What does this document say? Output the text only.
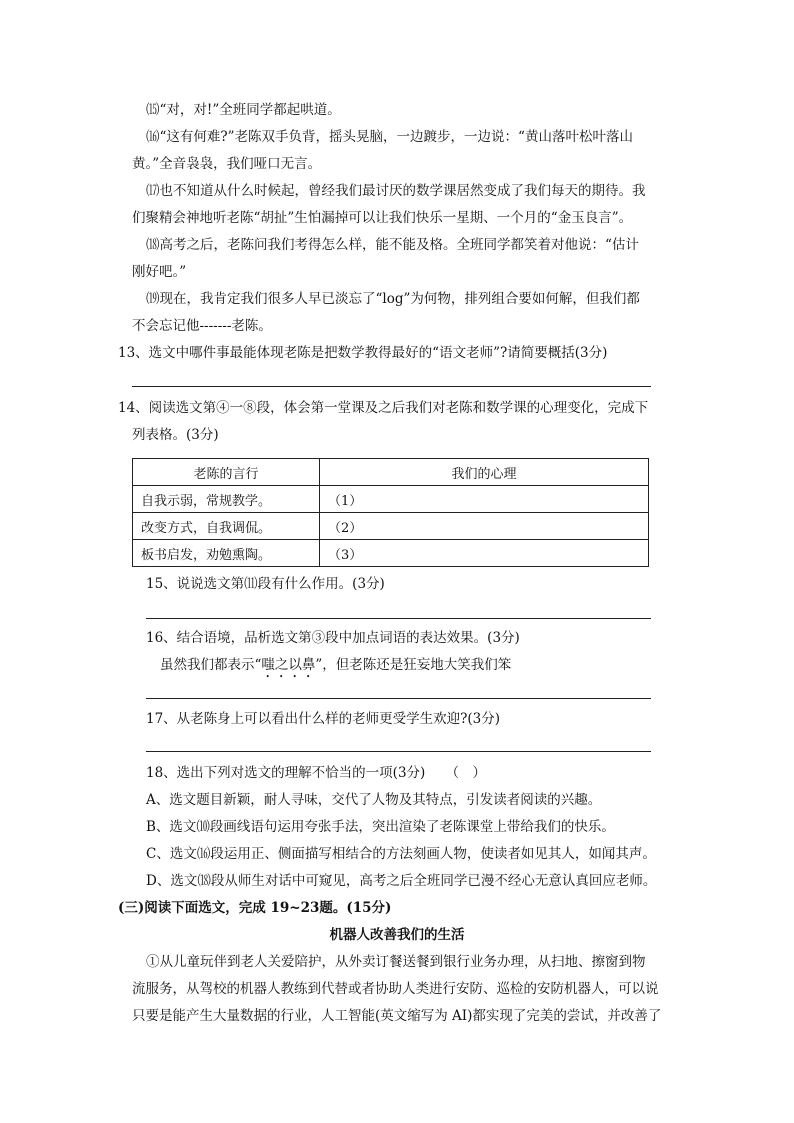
⒂“对，对!”全班同学都起哄道。
⒃“这有何难?”老陈双手负背，摇头晃脑，一边踱步，一边说：“黄山落叶松叶落山
黄。”全音袅袅，我们哑口无言。
⒄也不知道从什么时候起，曾经我们最讨厌的数学课居然变成了我们每天的期待。我
们聚精会神地听老陈“胡扯”生怕漏掉可以让我们快乐一星期、一个月的“金玉良言”。
⒅高考之后，老陈问我们考得怎么样，能不能及格。全班同学都笑着对他说：“估计
刚好吧。”
⒆现在，我肯定我们很多人早已淡忘了“log”为何物，排列组合要如何解，但我们都
不会忘记他-------老陈。
13、选文中哪件事最能体现老陈是把数学教得最好的“语文老师”?请简要概括(3分)
14、阅读选文第④一⑧段，体会第一堂课及之后我们对老陈和数学课的心理变化，完成下
列表格。(3分)
老陈的言行	我们的心理
自我示弱，常规教学。	（1）
改变方式，自我调侃。	（2）
板书启发，劝勉熏陶。	（3）
15、说说选文第⑾段有什么作用。(3分)
16、结合语境，品析选文第③段中加点词语的表达效果。(3分)
虽然我们都表示“嗤之以鼻”，但老陈还是狂妄地大笑我们笨
17、从老陈身上可以看出什么样的老师更受学生欢迎?(3分)
18、选出下列对选文的理解不恰当的一项(3分)　　（　）
A、选文题目新颖，耐人寻味，交代了人物及其特点，引发读者阅读的兴趣。
B、选文⑽段画线语句运用夸张手法，突出渲染了老陈课堂上带给我们的快乐。
C、选文⒃段运用正、侧面描写相结合的方法刻画人物，使读者如见其人，如闻其声。
D、选文⒅段从师生对话中可窥见，高考之后全班同学已漫不经心无意认真回应老师。
(三)阅读下面选文，完成 19~23题。(15分)
机器人改善我们的生活
①从儿童玩伴到老人关爱陪护，从外卖订餐送餐到银行业务办理，从扫地、擦窗到物
流服务，从驾校的机器人教练到代替或者协助人类进行安防、巡检的安防机器人，可以说
只要是能产生大量数据的行业，人工智能(英文缩写为 AI)都实现了完美的尝试，并改善了
